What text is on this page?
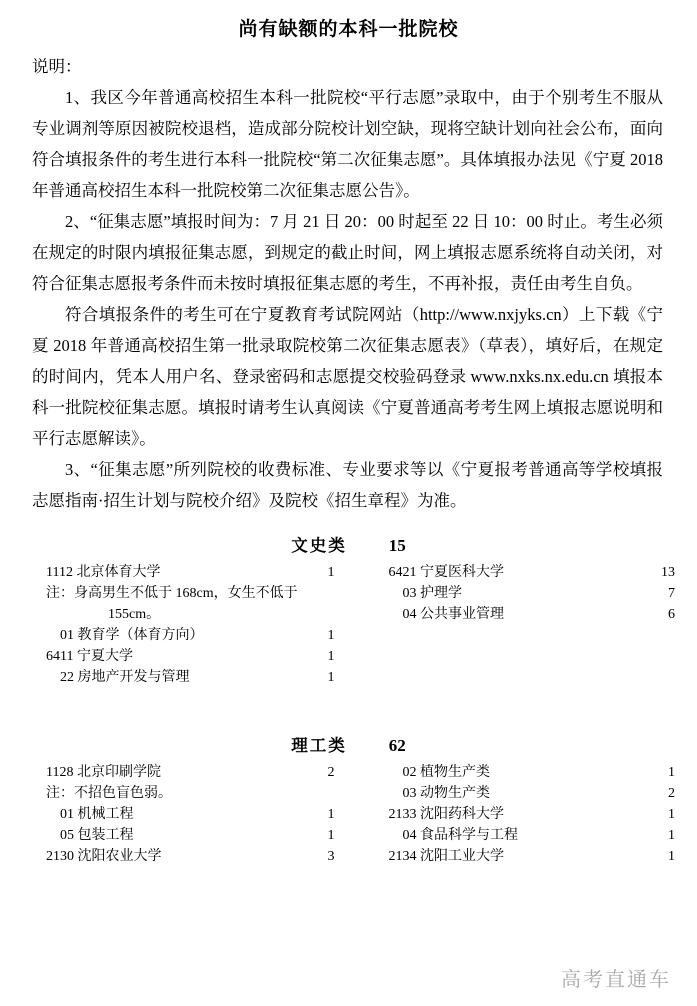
尚有缺额的本科一批院校

说明：

1、我区今年普通高校招生本科一批院校“平行志愿”录取中，由于个别考生不服从专业调剂等原因被院校退档，造成部分院校计划空缺，现将空缺计划向社会公布，面向符合填报条件的考生进行本科一批院校“第二次征集志愿”。具体填报办法见《宁夏 2018 年普通高校招生本科一批院校第二次征集志愿公告》。

2、“征集志愿”填报时间为：7 月 21 日 20：00 时起至 22 日 10：00 时止。考生必须在规定的时限内填报征集志愿，到规定的截止时间，网上填报志愿系统将自动关闭，对符合征集志愿报考条件而未按时填报征集志愿的考生，不再补报，责任由考生自负。

符合填报条件的考生可在宁夏教育考试院网站（http://www.nxjyks.cn）上下载《宁夏 2018 年普通高校招生第一批录取院校第二次征集志愿表》（草表），填好后，在规定的时间内，凭本人用户名、登录密码和志愿提交校验码登录 www.nxks.nx.edu.cn 填报本科一批院校征集志愿。填报时请考生认真阅读《宁夏普通高考考生网上填报志愿说明和平行志愿解读》。

3、“征集志愿”所列院校的收费标准、专业要求等以《宁夏报考普通高等学校填报志愿指南·招生计划与院校介绍》及院校《招生章程》为准。

文史类 15
1112 北京体育大学	1
注：身高男生不低于 168cm，女生不低于
155cm。
01 教育学（体育方向）	1
6411 宁夏大学	1
22 房地产开发与管理	1
6421 宁夏医科大学	13
03 护理学	7
04 公共事业管理	6
理工类 62
1128 北京印刷学院	2
注：不招色盲色弱。
01 机械工程	1
05 包装工程	1
2130 沈阳农业大学	3
02 植物生产类	1
03 动物生产类	2
2133 沈阳药科大学	1
04 食品科学与工程	1
2134 沈阳工业大学	1
高考直通车
